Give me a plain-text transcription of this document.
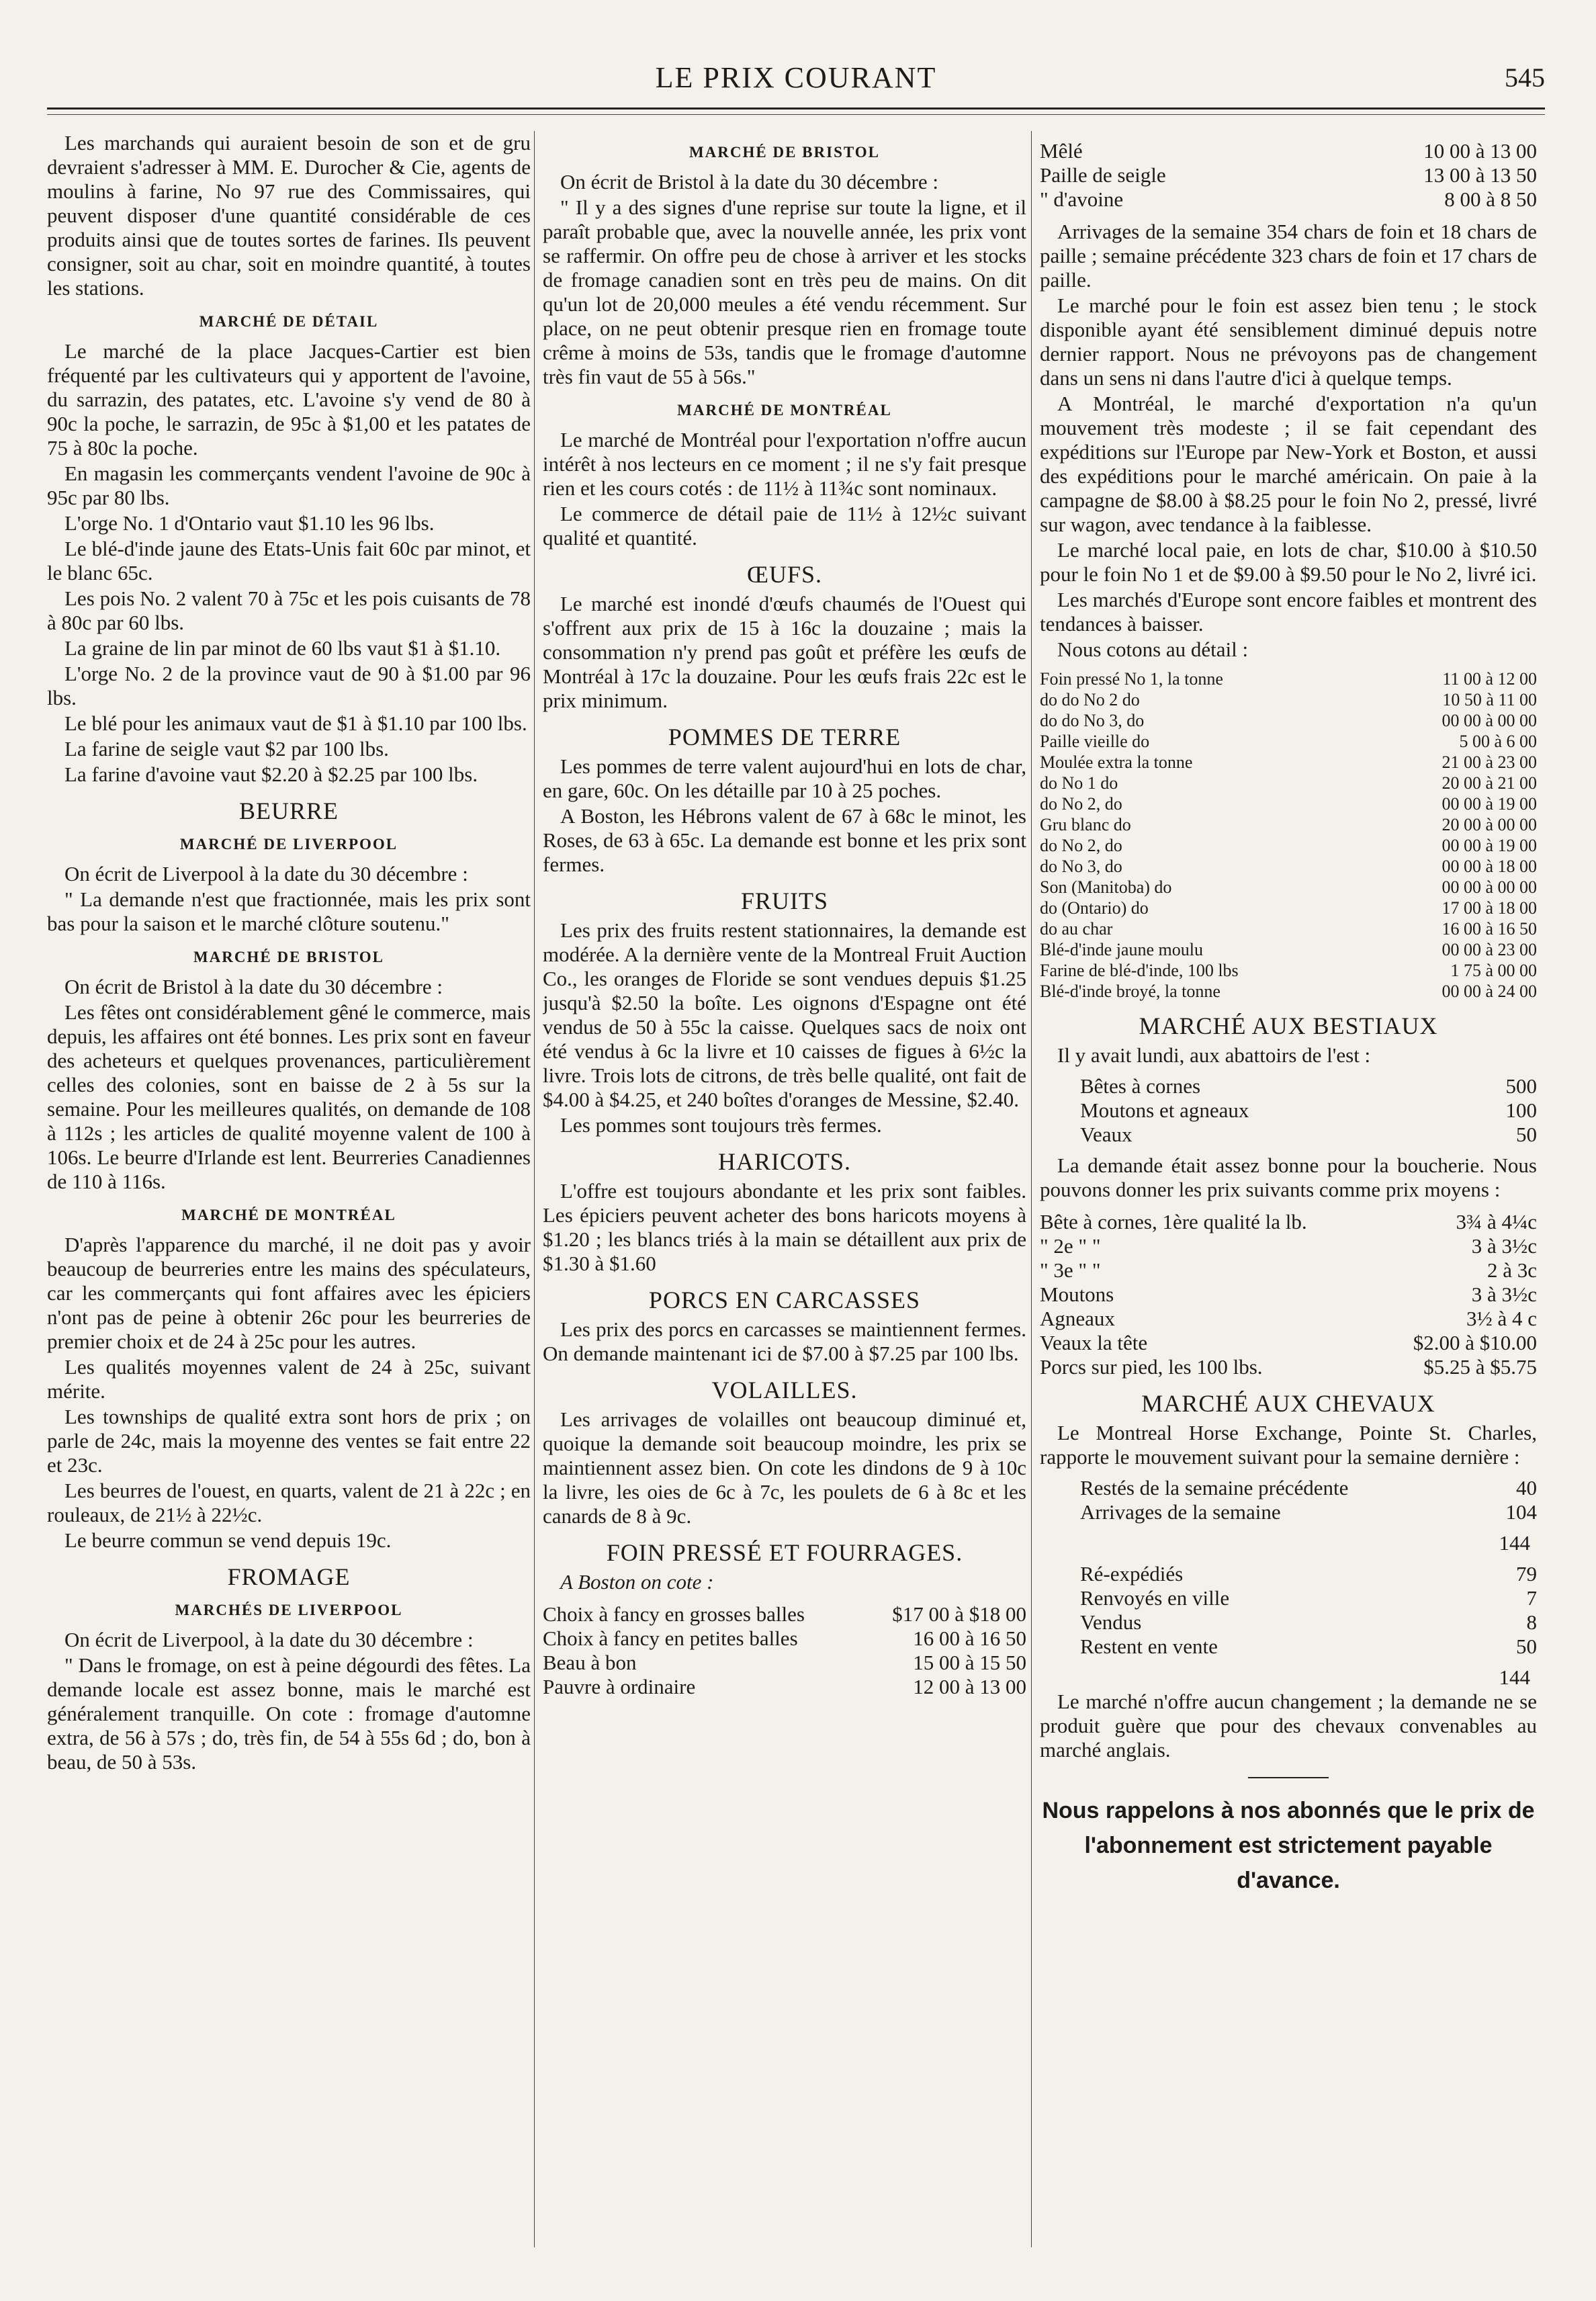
LE PRIX COURANT	545

Les marchands qui auraient besoin de son et de gru devraient s'adresser à MM. E. Durocher & Cie, agents de moulins à farine, No 97 rue des Commissaires, qui peuvent disposer d'une quantité considérable de ces produits ainsi que de toutes sortes de farines. Ils peuvent consigner, soit au char, soit en moindre quantité, à toutes les stations.

MARCHÉ DE DÉTAIL

Le marché de la place Jacques-Cartier est bien fréquenté par les cultivateurs qui y apportent de l'avoine, du sarrazin, des patates, etc. L'avoine s'y vend de 80 à 90c la poche, le sarrazin, de 95c à $1,00 et les patates de 75 à 80c la poche.

En magasin les commerçants vendent l'avoine de 90c à 95c par 80 lbs.

L'orge No. 1 d'Ontario vaut $1.10 les 96 lbs.

Le blé-d'inde jaune des Etats-Unis fait 60c par minot, et le blanc 65c.

Les pois No. 2 valent 70 à 75c et les pois cuisants de 78 à 80c par 60 lbs.

La graine de lin par minot de 60 lbs vaut $1 à $1.10.

L'orge No. 2 de la province vaut de 90 à $1.00 par 96 lbs.

Le blé pour les animaux vaut de $1 à $1.10 par 100 lbs.

La farine de seigle vaut $2 par 100 lbs.

La farine d'avoine vaut $2.20 à $2.25 par 100 lbs.

BEURRE
MARCHÉ DE LIVERPOOL

On écrit de Liverpool à la date du 30 décembre :

" La demande n'est que fractionnée, mais les prix sont bas pour la saison et le marché clôture soutenu."

MARCHÉ DE BRISTOL

On écrit de Bristol à la date du 30 décembre :

Les fêtes ont considérablement gêné le commerce, mais depuis, les affaires ont été bonnes. Les prix sont en faveur des acheteurs et quelques provenances, particulièrement celles des colonies, sont en baisse de 2 à 5s sur la semaine. Pour les meilleures qualités, on demande de 108 à 112s ; les articles de qualité moyenne valent de 100 à 106s. Le beurre d'Irlande est lent. Beurreries Canadiennes de 110 à 116s.

MARCHÉ DE MONTRÉAL

D'après l'apparence du marché, il ne doit pas y avoir beaucoup de beurreries entre les mains des spéculateurs, car les commerçants qui font affaires avec les épiciers n'ont pas de peine à obtenir 26c pour les beurreries de premier choix et de 24 à 25c pour les autres.

Les qualités moyennes valent de 24 à 25c, suivant mérite.

Les townships de qualité extra sont hors de prix ; on parle de 24c, mais la moyenne des ventes se fait entre 22 et 23c.

Les beurres de l'ouest, en quarts, valent de 21 à 22c ; en rouleaux, de 21½ à 22½c.

Le beurre commun se vend depuis 19c.

FROMAGE
MARCHÉS DE LIVERPOOL

On écrit de Liverpool, à la date du 30 décembre :

" Dans le fromage, on est à peine dégourdi des fêtes. La demande locale est assez bonne, mais le marché est généralement tranquille. On cote : fromage d'automne extra, de 56 à 57s ; do, très fin, de 54 à 55s 6d ; do, bon à beau, de 50 à 53s.

MARCHÉ DE BRISTOL

On écrit de Bristol à la date du 30 décembre :

" Il y a des signes d'une reprise sur toute la ligne, et il paraît probable que, avec la nouvelle année, les prix vont se raffermir. On offre peu de chose à arriver et les stocks de fromage canadien sont en très peu de mains. On dit qu'un lot de 20,000 meules a été vendu récemment. Sur place, on ne peut obtenir presque rien en fromage toute crême à moins de 53s, tandis que le fromage d'automne très fin vaut de 55 à 56s."

MARCHÉ DE MONTRÉAL

Le marché de Montréal pour l'exportation n'offre aucun intérêt à nos lecteurs en ce moment ; il ne s'y fait presque rien et les cours cotés : de 11½ à 11¾c sont nominaux.

Le commerce de détail paie de 11½ à 12½c suivant qualité et quantité.

ŒUFS.

Le marché est inondé d'œufs chaumés de l'Ouest qui s'offrent aux prix de 15 à 16c la douzaine ; mais la consommation n'y prend pas goût et préfère les œufs de Montréal à 17c la douzaine. Pour les œufs frais 22c est le prix minimum.

POMMES DE TERRE

Les pommes de terre valent aujourd'hui en lots de char, en gare, 60c. On les détaille par 10 à 25 poches.

A Boston, les Hébrons valent de 67 à 68c le minot, les Roses, de 63 à 65c. La demande est bonne et les prix sont fermes.

FRUITS

Les prix des fruits restent stationnaires, la demande est modérée. A la dernière vente de la Montreal Fruit Auction Co., les oranges de Floride se sont vendues depuis $1.25 jusqu'à $2.50 la boîte. Les oignons d'Espagne ont été vendus de 50 à 55c la caisse. Quelques sacs de noix ont été vendus à 6c la livre et 10 caisses de figues à 6½c la livre. Trois lots de citrons, de très belle qualité, ont fait de $4.00 à $4.25, et 240 boîtes d'oranges de Messine, $2.40.

Les pommes sont toujours très fermes.

HARICOTS.

L'offre est toujours abondante et les prix sont faibles. Les épiciers peuvent acheter des bons haricots moyens à $1.20 ; les blancs triés à la main se détaillent aux prix de $1.30 à $1.60

PORCS EN CARCASSES

Les prix des porcs en carcasses se maintiennent fermes. On demande maintenant ici de $7.00 à $7.25 par 100 lbs.

VOLAILLES.

Les arrivages de volailles ont beaucoup diminué et, quoique la demande soit beaucoup moindre, les prix se maintiennent assez bien. On cote les dindons de 9 à 10c la livre, les oies de 6c à 7c, les poulets de 6 à 8c et les canards de 8 à 9c.

FOIN PRESSÉ ET FOURRAGES.

A Boston on cote :

Choix à fancy en grosses balles	$17 00 à $18 00
Choix à fancy en petites balles	16 00 à 16 50
Beau à bon	15 00 à 15 50
Pauvre à ordinaire	12 00 à 13 00
Mêlé	10 00 à 13 00
Paille de seigle	13 00 à 13 50
" d'avoine	8 00 à 8 50

Arrivages de la semaine 354 chars de foin et 18 chars de paille ; semaine précédente 323 chars de foin et 17 chars de paille.

Le marché pour le foin est assez bien tenu ; le stock disponible ayant été sensiblement diminué depuis notre dernier rapport. Nous ne prévoyons pas de changement dans un sens ni dans l'autre d'ici à quelque temps.

A Montréal, le marché d'exportation n'a qu'un mouvement très modeste ; il se fait cependant des expéditions sur l'Europe par New-York et Boston, et aussi des expéditions pour le marché américain. On paie à la campagne de $8.00 à $8.25 pour le foin No 2, pressé, livré sur wagon, avec tendance à la faiblesse.

Le marché local paie, en lots de char, $10.00 à $10.50 pour le foin No 1 et de $9.00 à $9.50 pour le No 2, livré ici.

Les marchés d'Europe sont encore faibles et montrent des tendances à baisser.

Nous cotons au détail :

Foin pressé No 1, la tonne	11 00 à 12 00
do do No 2 do	10 50 à 11 00
do do No 3, do	00 00 à 00 00
Paille vieille do	5 00 à 6 00
Moulée extra la tonne	21 00 à 23 00
do No 1 do	20 00 à 21 00
do No 2, do	00 00 à 19 00
Gru blanc do	20 00 à 00 00
do No 2, do	00 00 à 19 00
do No 3, do	00 00 à 18 00
Son (Manitoba) do	00 00 à 00 00
do (Ontario) do	17 00 à 18 00
do au char	16 00 à 16 50
Blé-d'inde jaune moulu	00 00 à 23 00
Farine de blé-d'inde, 100 lbs	1 75 à 00 00
Blé-d'inde broyé, la tonne	00 00 à 24 00
MARCHÉ AUX BESTIAUX

Il y avait lundi, aux abattoirs de l'est :

Bêtes à cornes	500
Moutons et agneaux	100
Veaux	50

La demande était assez bonne pour la boucherie. Nous pouvons donner les prix suivants comme prix moyens :

Bête à cornes, 1ère qualité la lb.	3¾ à 4¼c
" 2e " "	3 à 3½c
" 3e " "	2 à 3c
Moutons	3 à 3½c
Agneaux	3½ à 4 c
Veaux la tête	$2.00 à $10.00
Porcs sur pied, les 100 lbs.	$5.25 à $5.75
MARCHÉ AUX CHEVAUX

Le Montreal Horse Exchange, Pointe St. Charles, rapporte le mouvement suivant pour la semaine dernière :

Restés de la semaine précédente	40
Arrivages de la semaine	104
144
Ré-expédiés	79
Renvoyés en ville	7
Vendus	8
Restent en vente	50
144

Le marché n'offre aucun changement ; la demande ne se produit guère que pour des chevaux convenables au marché anglais.

Nous rappelons à nos abonnés que le prix de l'abonnement est strictement payable d'avance.
